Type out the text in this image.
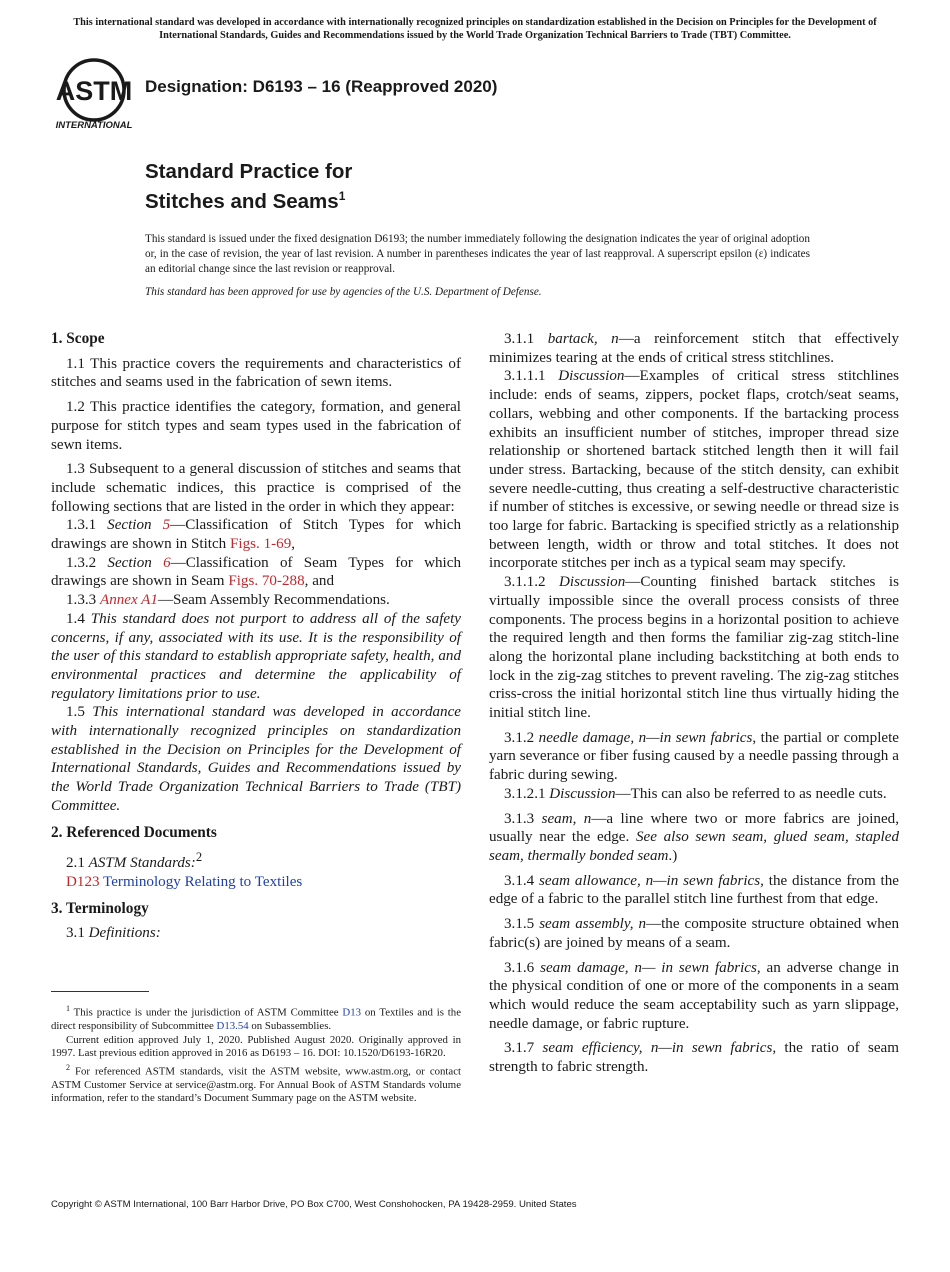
This international standard was developed in accordance with internationally recognized principles on standardization established in the Decision on Principles for the Development of International Standards, Guides and Recommendations issued by the World Trade Organization Technical Barriers to Trade (TBT) Committee.
ASTM
INTERNATIONAL
Designation: D6193 – 16 (Reapproved 2020)
Standard Practice for
Stitches and Seams$^1$
This standard is issued under the fixed designation D6193; the number immediately following the designation indicates the year of original adoption or, in the case of revision, the year of last revision. A number in parentheses indicates the year of last reapproval. A superscript epsilon (ε) indicates an editorial change since the last revision or reapproval.
This standard has been approved for use by agencies of the U.S. Department of Defense.
1. Scope

1.1 This practice covers the requirements and characteristics of stitches and seams used in the fabrication of sewn items.

1.2 This practice identifies the category, formation, and general purpose for stitch types and seam types used in the fabrication of sewn items.

1.3 Subsequent to a general discussion of stitches and seams that include schematic indices, this practice is comprised of the following sections that are listed in the order in which they appear:

1.3.1 Section 5—Classification of Stitch Types for which drawings are shown in Stitch Figs. 1-69,

1.3.2 Section 6—Classification of Seam Types for which drawings are shown in Seam Figs. 70-288, and

1.3.3 Annex A1—Seam Assembly Recommendations.

1.4 This standard does not purport to address all of the safety concerns, if any, associated with its use. It is the responsibility of the user of this standard to establish appropriate safety, health, and environmental practices and determine the applicability of regulatory limitations prior to use.

1.5 This international standard was developed in accordance with internationally recognized principles on standardization established in the Decision on Principles for the Development of International Standards, Guides and Recommendations issued by the World Trade Organization Technical Barriers to Trade (TBT) Committee.

2. Referenced Documents

2.1 ASTM Standards:$^2$

D123 Terminology Relating to Textiles

3. Terminology

3.1 Definitions:

3.1.1 bartack, n—a reinforcement stitch that effectively minimizes tearing at the ends of critical stress stitchlines.

3.1.1.1 Discussion—Examples of critical stress stitchlines include: ends of seams, zippers, pocket flaps, crotch/seat seams, collars, webbing and other components. If the bartacking process exhibits an insufficient number of stitches, improper thread size relationship or shortened bartack stitched length then it will fail under stress. Bartacking, because of the stitch density, can exhibit severe needle-cutting, thus creating a self-destructive characteristic if number of stitches is excessive, or sewing needle or thread size is too large for fabric. Bartacking is specified strictly as a relationship between length, width or throw and total stitches. It does not incorporate stitches per inch as a typical seam may specify.

3.1.1.2 Discussion—Counting finished bartack stitches is virtually impossible since the overall process consists of three components. The process begins in a horizontal position to achieve the required length and then forms the familiar zig-zag stitch-line along the horizontal plane including backstitching at both ends to lock in the zig-zag stitches to prevent raveling. The zig-zag stitches criss-cross the initial horizontal stitch line thus virtually hiding the initial stitch line.

3.1.2 needle damage, n—in sewn fabrics, the partial or complete yarn severance or fiber fusing caused by a needle passing through a fabric during sewing.

3.1.2.1 Discussion—This can also be referred to as needle cuts.

3.1.3 seam, n—a line where two or more fabrics are joined, usually near the edge. See also sewn seam, glued seam, stapled seam, thermally bonded seam.)

3.1.4 seam allowance, n—in sewn fabrics, the distance from the edge of a fabric to the parallel stitch line furthest from that edge.

3.1.5 seam assembly, n—the composite structure obtained when fabric(s) are joined by means of a seam.

3.1.6 seam damage, n— in sewn fabrics, an adverse change in the physical condition of one or more of the components in a seam which would reduce the seam acceptability such as yarn slippage, needle damage, or fabric rupture.

3.1.7 seam efficiency, n—in sewn fabrics, the ratio of seam strength to fabric strength.

$^1$ This practice is under the jurisdiction of ASTM Committee D13 on Textiles and is the direct responsibility of Subcommittee D13.54 on Subassemblies.

Current edition approved July 1, 2020. Published August 2020. Originally approved in 1997. Last previous edition approved in 2016 as D6193 – 16. DOI: 10.1520/D6193-16R20.

$^2$ For referenced ASTM standards, visit the ASTM website, www.astm.org, or contact ASTM Customer Service at service@astm.org. For Annual Book of ASTM Standards volume information, refer to the standard’s Document Summary page on the ASTM website.

Copyright © ASTM International, 100 Barr Harbor Drive, PO Box C700, West Conshohocken, PA 19428-2959. United States
